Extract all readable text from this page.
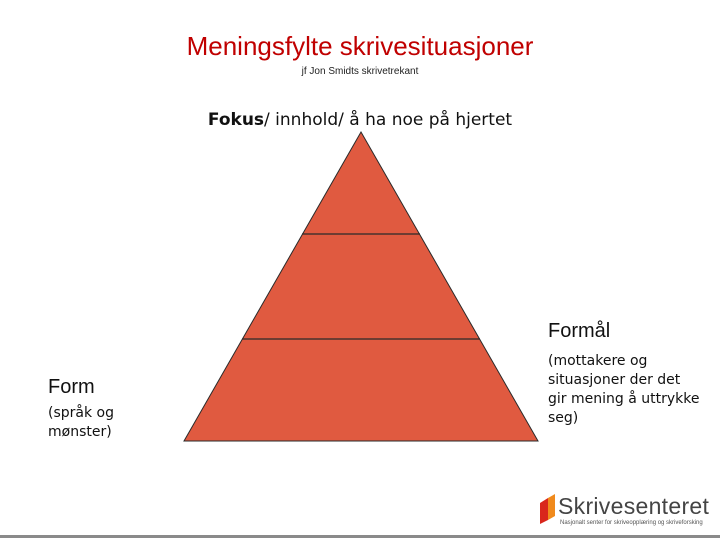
Meningsfylte skrivesituasjoner
jf Jon Smidts skrivetrekant
Fokus/ innhold/ å ha noe på hjertet
Form
(språk og
mønster)
Formål
(mottakere og
situasjoner der det
gir mening å uttrykke
seg)
Skrivesenteret
Nasjonalt senter for skriveopplæring og skriveforsking
